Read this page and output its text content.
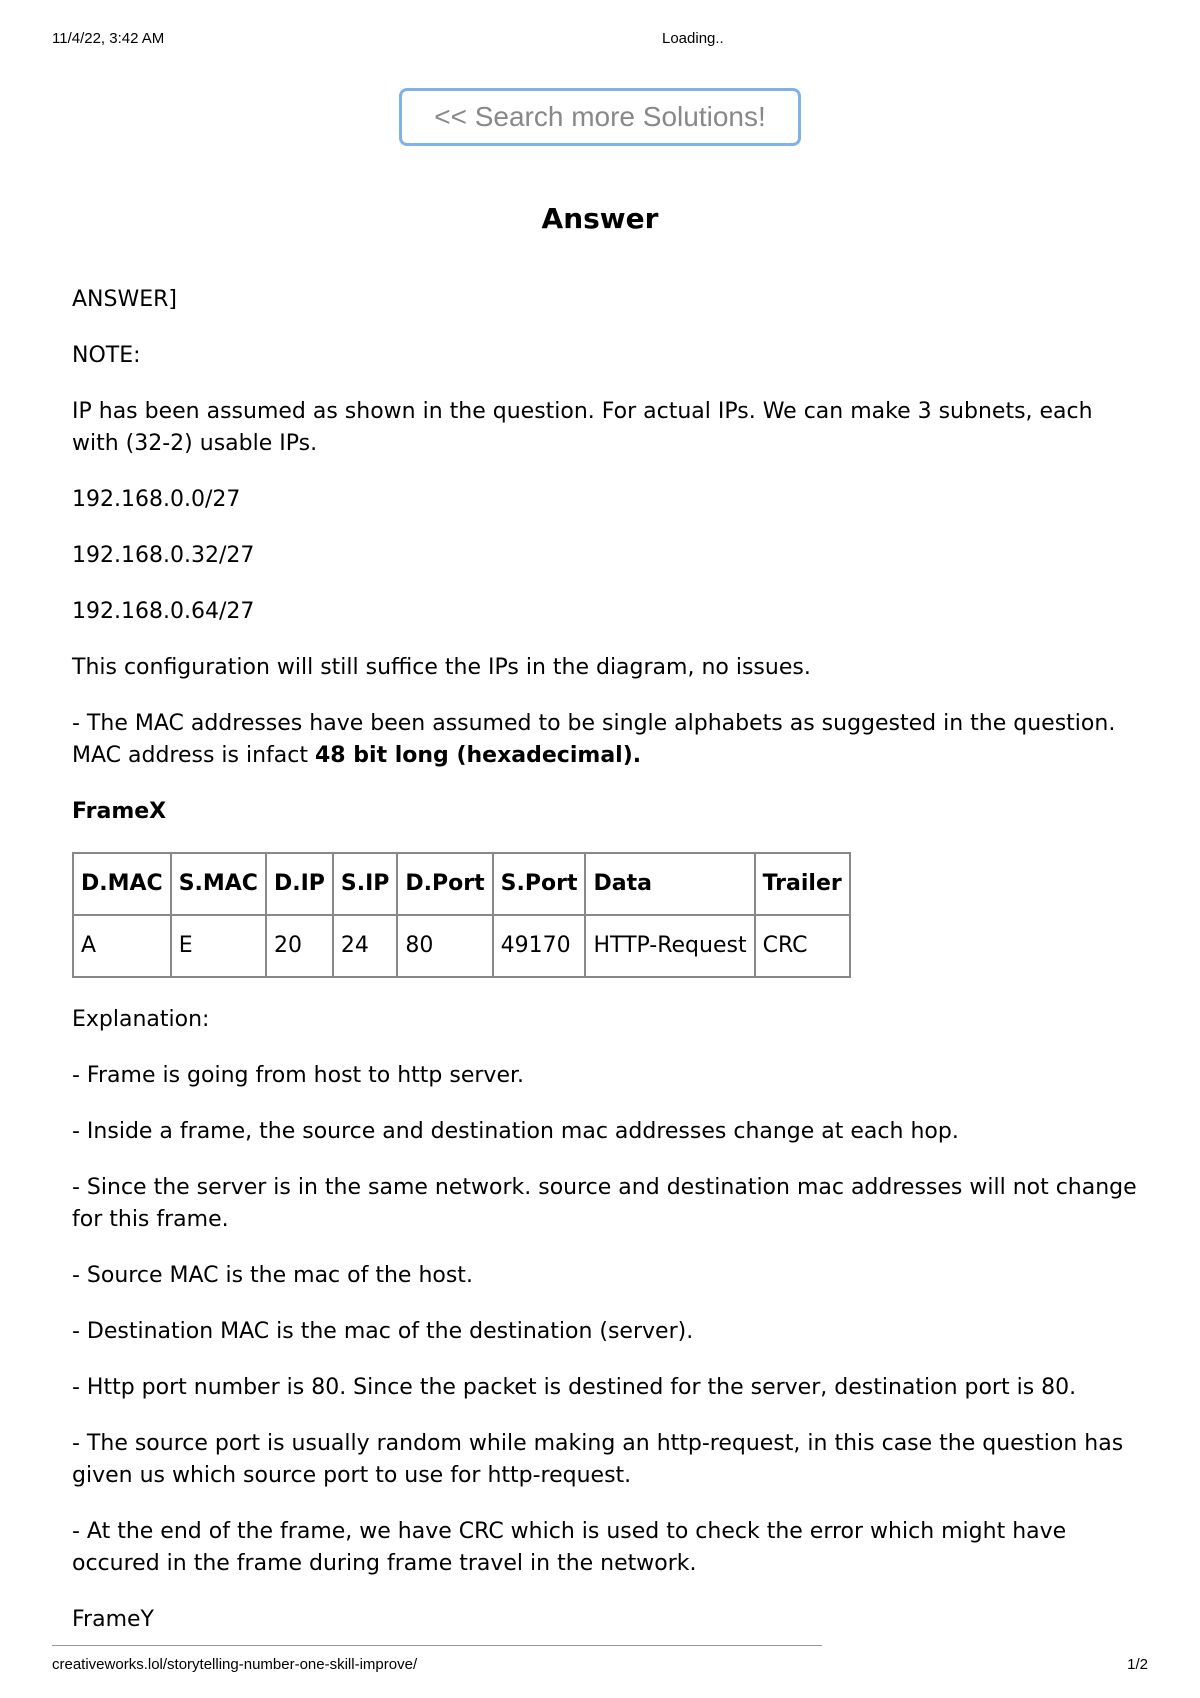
11/4/22, 3:42 AM	Loading..
<< Search more Solutions!
Answer

ANSWER]

NOTE:

IP has been assumed as shown in the question. For actual IPs. We can make 3 subnets, each with (32-2) usable IPs.

192.168.0.0/27

192.168.0.32/27

192.168.0.64/27

This configuration will still suffice the IPs in the diagram, no issues.

- The MAC addresses have been assumed to be single alphabets as suggested in the question. MAC address is infact 48 bit long (hexadecimal).

FrameX

D.MAC	S.MAC	D.IP	S.IP	D.Port	S.Port	Data	Trailer
A	E	20	24	80	49170	HTTP-Request	CRC

Explanation:

- Frame is going from host to http server.

- Inside a frame, the source and destination mac addresses change at each hop.

- Since the server is in the same network. source and destination mac addresses will not change for this frame.

- Source MAC is the mac of the host.

- Destination MAC is the mac of the destination (server).

- Http port number is 80. Since the packet is destined for the server, destination port is 80.

- The source port is usually random while making an http-request, in this case the question has given us which source port to use for http-request.

- At the end of the frame, we have CRC which is used to check the error which might have occured in the frame during frame travel in the network.

FrameY

creativeworks.lol/storytelling-number-one-skill-improve/	1/2
